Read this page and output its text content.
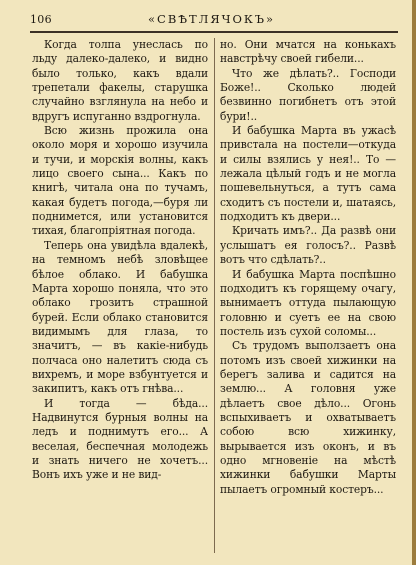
106	«СВѢТЛЯЧОКЪ»

Когда толпа унеслась по льду далеко-далеко, и видно было только, какъ вдали трепетали факелы, старушка случайно взглянула на небо и вдругъ испуганно вздрогнула.

Всю жизнь прожила она около моря и хорошо изучила и тучи, и морскія волны, какъ лицо своего сына... Какъ по книгѣ, читала она по тучамъ, какая будетъ погода,—буря ли поднимется, или установится тихая, благопріятная погода.

Теперь она увидѣла вдалекѣ, на темномъ небѣ зловѣщее бѣлое облако. И бабушка Марта хорошо поняла, что это облако грозитъ страшной бурей. Если облако становится видимымъ для глаза, то значитъ, — въ какіе-нибудь полчаса оно налетитъ сюда съ вихремъ, и море взбунтуется и закипитъ, какъ отъ гнѣва...

И тогда — бѣда... Надвинутся бурныя волны на ледъ и поднимутъ его... А веселая, беспечная молодежь и знать ничего не хочетъ... Вонъ ихъ уже и не вид-

но. Они мчатся на конькахъ навстрѣчу своей гибели...

Что же дѣлать?.. Господи Боже!.. Сколько людей безвинно погибнетъ отъ этой бури!..

И бабушка Марта въ ужасѣ привстала на постели—откуда и силы взялись у нея!.. То — лежала цѣлый годъ и не могла пошевельнуться, а тутъ сама сходитъ съ постели и, шатаясь, подходитъ къ двери...

Кричать имъ?.. Да развѣ они услышатъ ея голосъ?.. Развѣ вотъ что сдѣлать?..

И бабушка Марта поспѣшно подходитъ къ горящему очагу, вынимаетъ оттуда пылающую головню и суетъ ее на свою постель изъ сухой соломы...

Съ трудомъ выползаетъ она потомъ изъ своей хижинки на берегъ залива и садится на землю... А головня уже дѣлаетъ свое дѣло... Огонь вспыхиваетъ и охватываетъ собою всю хижинку, вырывается изъ оконъ, и въ одно мгновеніе на мѣстѣ хижинки бабушки Марты пылаетъ огромный костеръ...
